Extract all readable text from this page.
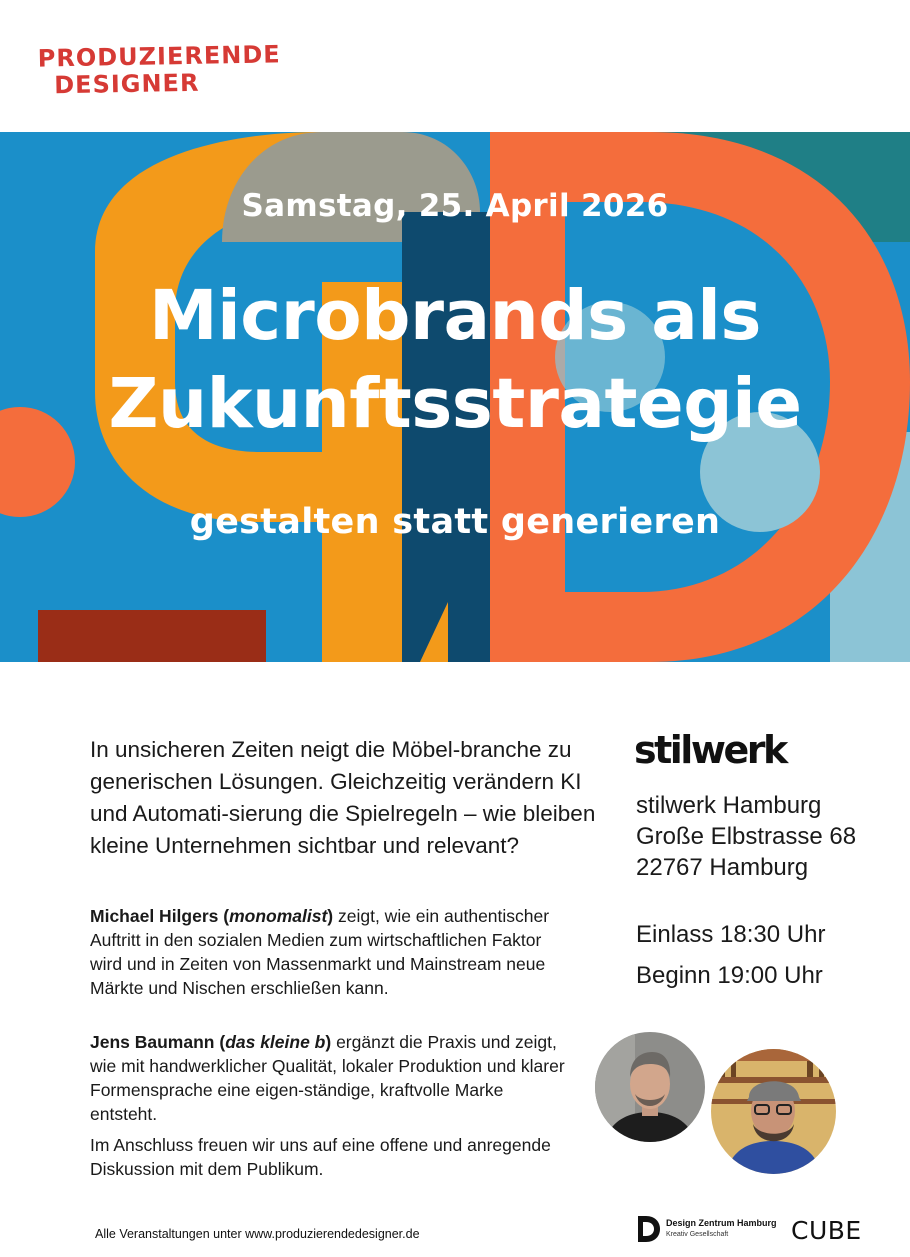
PRODUZIERENDE
DESIGNER
Samstag, 25. April 2026
Microbrands als
Zukunftsstrategie
gestalten statt generieren
In unsicheren Zeiten neigt die Möbel-branche zu generischen Lösungen. Gleichzeitig verändern KI und Automati-sierung die Spielregeln – wie bleiben kleine Unternehmen sichtbar und relevant?
Michael Hilgers (monomalist) zeigt, wie ein authentischer Auftritt in den sozialen Medien zum wirtschaftlichen Faktor wird und in Zeiten von Massenmarkt und Mainstream neue Märkte und Nischen erschließen kann.
Jens Baumann (das kleine b) ergänzt die Praxis und zeigt, wie mit handwerklicher Qualität, lokaler Produktion und klarer Formensprache eine eigen-ständige, kraftvolle Marke entsteht.
Im Anschluss freuen wir uns auf eine offene und anregende Diskussion mit dem Publikum.
stilwerk
stilwerk Hamburg
Große Elbstrasse 68
22767 Hamburg
Einlass 18:30 Uhr
Beginn 19:00 Uhr
Alle Veranstaltungen unter www.produzierendedesigner.de
Design Zentrum Hamburg
Kreativ Gesellschaft	CUBE
